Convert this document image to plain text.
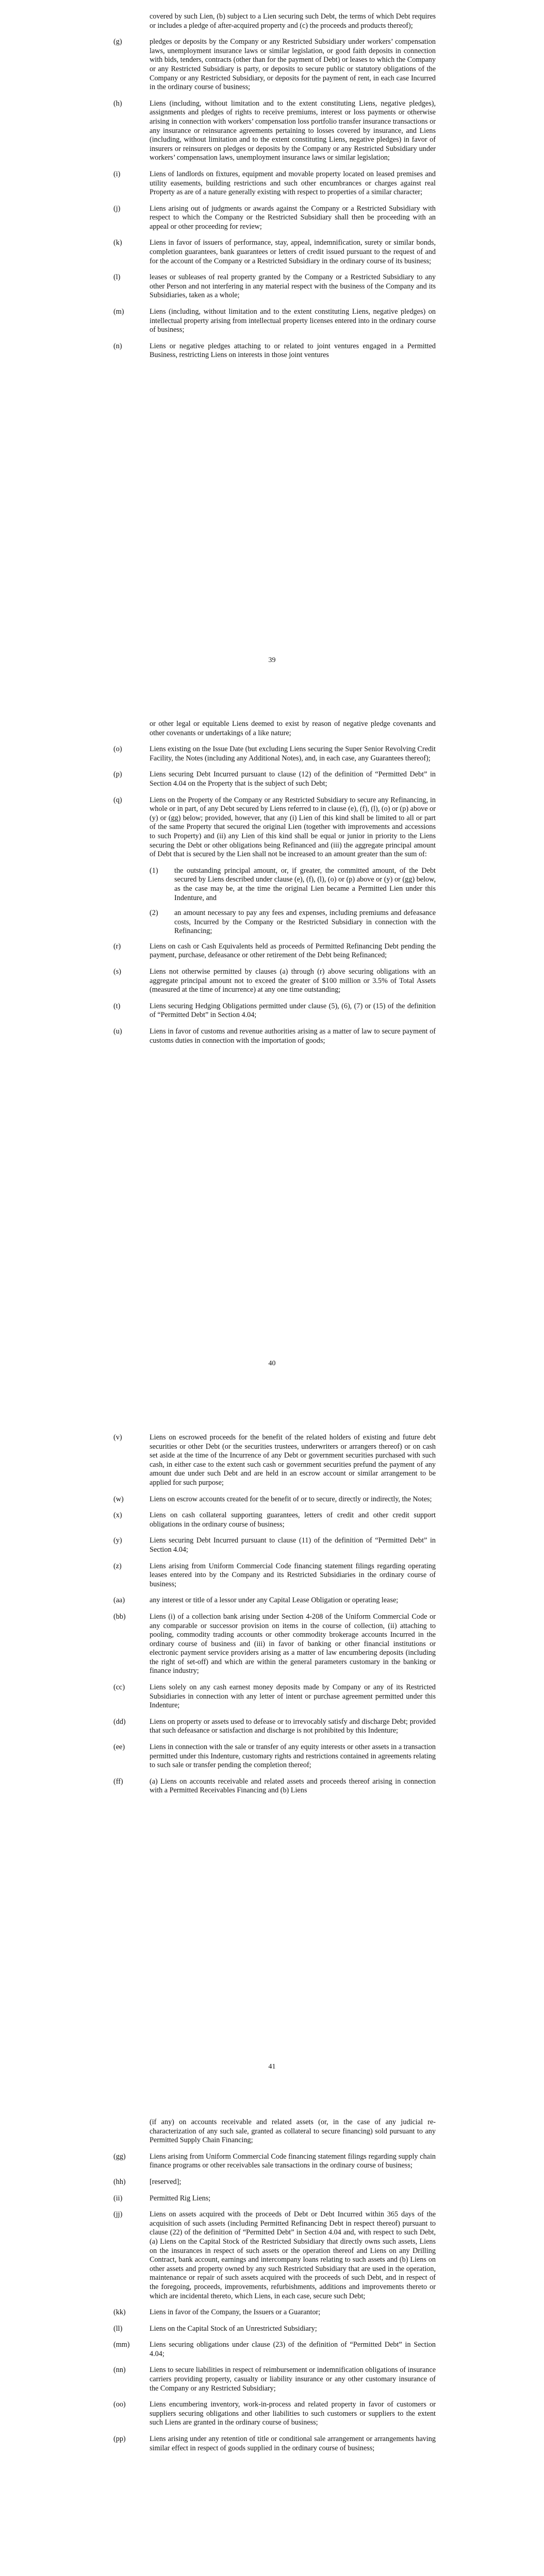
covered by such Lien, (b) subject to a Lien securing such Debt, the terms of which Debt requires or includes a pledge of after-acquired property and (c) the proceeds and products thereof);

(g)	pledges or deposits by the Company or any Restricted Subsidiary under workers’ compensation laws, unemployment insurance laws or similar legislation, or good faith deposits in connection with bids, tenders, contracts (other than for the payment of Debt) or leases to which the Company or any Restricted Subsidiary is party, or deposits to secure public or statutory obligations of the Company or any Restricted Subsidiary, or deposits for the payment of rent, in each case Incurred in the ordinary course of business;
(h)	Liens (including, without limitation and to the extent constituting Liens, negative pledges), assignments and pledges of rights to receive premiums, interest or loss payments or otherwise arising in connection with workers’ compensation loss portfolio transfer insurance transactions or any insurance or reinsurance agreements pertaining to losses covered by insurance, and Liens (including, without limitation and to the extent constituting Liens, negative pledges) in favor of insurers or reinsurers on pledges or deposits by the Company or any Restricted Subsidiary under workers’ compensation laws, unemployment insurance laws or similar legislation;
(i)	Liens of landlords on fixtures, equipment and movable property located on leased premises and utility easements, building restrictions and such other encumbrances or charges against real Property as are of a nature generally existing with respect to properties of a similar character;
(j)	Liens arising out of judgments or awards against the Company or a Restricted Subsidiary with respect to which the Company or the Restricted Subsidiary shall then be proceeding with an appeal or other proceeding for review;
(k)	Liens in favor of issuers of performance, stay, appeal, indemnification, surety or similar bonds, completion guarantees, bank guarantees or letters of credit issued pursuant to the request of and for the account of the Company or a Restricted Subsidiary in the ordinary course of its business;
(l)	leases or subleases of real property granted by the Company or a Restricted Subsidiary to any other Person and not interfering in any material respect with the business of the Company and its Subsidiaries, taken as a whole;
(m)	Liens (including, without limitation and to the extent constituting Liens, negative pledges) on intellectual property arising from intellectual property licenses entered into in the ordinary course of business;
(n)	Liens or negative pledges attaching to or related to joint ventures engaged in a Permitted Business, restricting Liens on interests in those joint ventures
39

or other legal or equitable Liens deemed to exist by reason of negative pledge covenants and other covenants or undertakings of a like nature;

(o)	Liens existing on the Issue Date (but excluding Liens securing the Super Senior Revolving Credit Facility, the Notes (including any Additional Notes), and, in each case, any Guarantees thereof);
(p)	Liens securing Debt Incurred pursuant to clause (12) of the definition of “Permitted Debt” in Section 4.04 on the Property that is the subject of such Debt;
(q)	Liens on the Property of the Company or any Restricted Subsidiary to secure any Refinancing, in whole or in part, of any Debt secured by Liens referred to in clause (e), (f), (l), (o) or (p) above or (y) or (gg) below; provided, however, that any (i) Lien of this kind shall be limited to all or part of the same Property that secured the original Lien (together with improvements and accessions to such Property) and (ii) any Lien of this kind shall be equal or junior in priority to the Liens securing the Debt or other obligations being Refinanced and (iii) the aggregate principal amount of Debt that is secured by the Lien shall not be increased to an amount greater than the sum of:
(1)	the outstanding principal amount, or, if greater, the committed amount, of the Debt secured by Liens described under clause (e), (f), (l), (o) or (p) above or (y) or (gg) below, as the case may be, at the time the original Lien became a Permitted Lien under this Indenture, and
(2)	an amount necessary to pay any fees and expenses, including premiums and defeasance costs, Incurred by the Company or the Restricted Subsidiary in connection with the Refinancing;
(r)	Liens on cash or Cash Equivalents held as proceeds of Permitted Refinancing Debt pending the payment, purchase, defeasance or other retirement of the Debt being Refinanced;
(s)	Liens not otherwise permitted by clauses (a) through (r) above securing obligations with an aggregate principal amount not to exceed the greater of $100 million or 3.5% of Total Assets (measured at the time of incurrence) at any one time outstanding;
(t)	Liens securing Hedging Obligations permitted under clause (5), (6), (7) or (15) of the definition of “Permitted Debt” in Section 4.04;
(u)	Liens in favor of customs and revenue authorities arising as a matter of law to secure payment of customs duties in connection with the importation of goods;
40
(v)	Liens on escrowed proceeds for the benefit of the related holders of existing and future debt securities or other Debt (or the securities trustees, underwriters or arrangers thereof) or on cash set aside at the time of the Incurrence of any Debt or government securities purchased with such cash, in either case to the extent such cash or government securities prefund the payment of any amount due under such Debt and are held in an escrow account or similar arrangement to be applied for such purpose;
(w)	Liens on escrow accounts created for the benefit of or to secure, directly or indirectly, the Notes;
(x)	Liens on cash collateral supporting guarantees, letters of credit and other credit support obligations in the ordinary course of business;
(y)	Liens securing Debt Incurred pursuant to clause (11) of the definition of “Permitted Debt” in Section 4.04;
(z)	Liens arising from Uniform Commercial Code financing statement filings regarding operating leases entered into by the Company and its Restricted Subsidiaries in the ordinary course of business;
(aa)	any interest or title of a lessor under any Capital Lease Obligation or operating lease;
(bb)	Liens (i) of a collection bank arising under Section 4-208 of the Uniform Commercial Code or any comparable or successor provision on items in the course of collection, (ii) attaching to pooling, commodity trading accounts or other commodity brokerage accounts Incurred in the ordinary course of business and (iii) in favor of banking or other financial institutions or electronic payment service providers arising as a matter of law encumbering deposits (including the right of set-off) and which are within the general parameters customary in the banking or finance industry;
(cc)	Liens solely on any cash earnest money deposits made by Company or any of its Restricted Subsidiaries in connection with any letter of intent or purchase agreement permitted under this Indenture;
(dd)	Liens on property or assets used to defease or to irrevocably satisfy and discharge Debt; provided that such defeasance or satisfaction and discharge is not prohibited by this Indenture;
(ee)	Liens in connection with the sale or transfer of any equity interests or other assets in a transaction permitted under this Indenture, customary rights and restrictions contained in agreements relating to such sale or transfer pending the completion thereof;
(ff)	(a) Liens on accounts receivable and related assets and proceeds thereof arising in connection with a Permitted Receivables Financing and (b) Liens
41

(if any) on accounts receivable and related assets (or, in the case of any judicial re-characterization of any such sale, granted as collateral to secure financing) sold pursuant to any Permitted Supply Chain Financing;

(gg)	Liens arising from Uniform Commercial Code financing statement filings regarding supply chain finance programs or other receivables sale transactions in the ordinary course of business;
(hh)	[reserved];
(ii)	Permitted Rig Liens;
(jj)	Liens on assets acquired with the proceeds of Debt or Debt Incurred within 365 days of the acquisition of such assets (including Permitted Refinancing Debt in respect thereof) pursuant to clause (22) of the definition of “Permitted Debt” in Section 4.04 and, with respect to such Debt, (a) Liens on the Capital Stock of the Restricted Subsidiary that directly owns such assets, Liens on the insurances in respect of such assets or the operation thereof and Liens on any Drilling Contract, bank account, earnings and intercompany loans relating to such assets and (b) Liens on other assets and property owned by any such Restricted Subsidiary that are used in the operation, maintenance or repair of such assets acquired with the proceeds of such Debt, and in respect of the foregoing, proceeds, improvements, refurbishments, additions and improvements thereto or which are incidental thereto, which Liens, in each case, secure such Debt;
(kk)	Liens in favor of the Company, the Issuers or a Guarantor;
(ll)	Liens on the Capital Stock of an Unrestricted Subsidiary;
(mm)	Liens securing obligations under clause (23) of the definition of “Permitted Debt” in Section 4.04;
(nn)	Liens to secure liabilities in respect of reimbursement or indemnification obligations of insurance carriers providing property, casualty or liability insurance or any other customary insurance of the Company or any Restricted Subsidiary;
(oo)	Liens encumbering inventory, work-in-process and related property in favor of customers or suppliers securing obligations and other liabilities to such customers or suppliers to the extent such Liens are granted in the ordinary course of business;
(pp)	Liens arising under any retention of title or conditional sale arrangement or arrangements having similar effect in respect of goods supplied in the ordinary course of business;
